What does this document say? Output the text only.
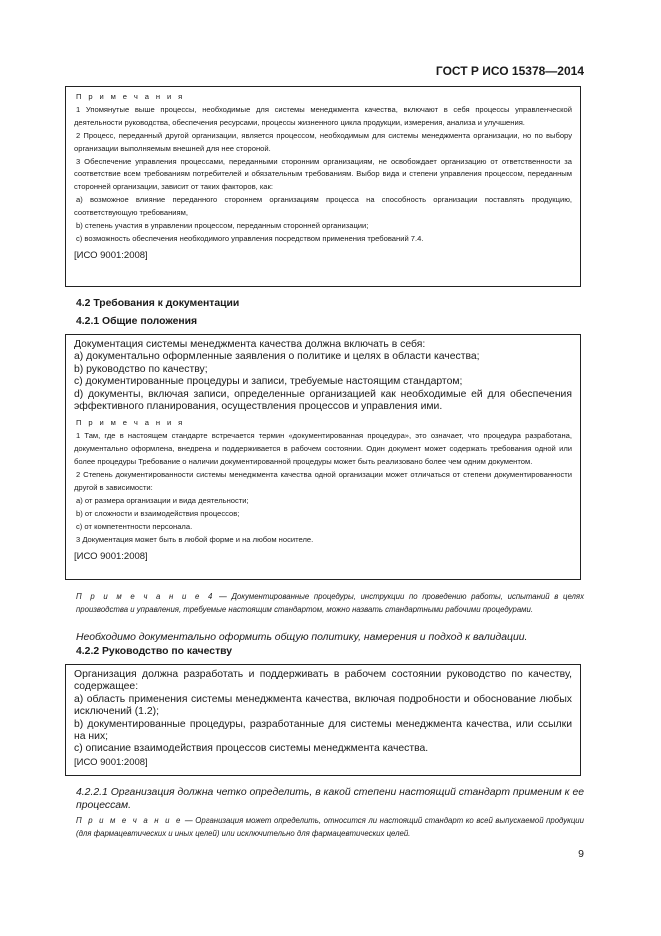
ГОСТ Р ИСО 15378—2014

П р и м е ч а н и я

1 Упомянутые выше процессы, необходимые для системы менеджмента качества, включают в себя процессы управленческой деятельности руководства, обеспечения ресурсами, процессы жизненного цикла продукции, измерения, анализа и улучшения.

2 Процесс, переданный другой организации, является процессом, необходимым для системы менеджмента организации, но по выбору организации выполняемым внешней для нее стороной.

3 Обеспечение управления процессами, переданными сторонним организациям, не освобождает организацию от ответственности за соответствие всем требованиям потребителей и обязательным требованиям. Выбор вида и степени управления процессом, переданным сторонней организации, зависит от таких факторов, как:

a) возможное влияние переданного стороннем организациям процесса на способность организации поставлять продукцию, соответствующую требованиям,

b) степень участия в управлении процессом, переданным сторонней организации;

c) возможность обеспечения необходимого управления посредством применения требований 7.4.

[ИСО 9001:2008]
4.2 Требования к документации
4.2.1 Общие положения

Документация системы менеджмента качества должна включать в себя:

a) документально оформленные заявления о политике и целях в области качества;

b) руководство по качеству;

c) документированные процедуры и записи, требуемые настоящим стандартом;

d) документы, включая записи, определенные организацией как необходимые ей для обеспечения эффективного планирования, осуществления процессов и управления ими.

П р и м е ч а н и я

1 Там, где в настоящем стандарте встречается термин «документированная процедура», это означает, что процедура разработана, документально оформлена, внедрена и поддерживается в рабочем состоянии. Один документ может содержать требования одной или более процедуры Требование о наличии документированной процедуры может быть реализовано более чем одним документом.

2 Степень документированности системы менеджмента качества одной организации может отличаться от степени документированности другой в зависимости:

a) от размера организации и вида деятельности;

b) от сложности и взаимодействия процессов;

c) от компетентности персонала.

3 Документация может быть в любой форме и на любом носителе.

[ИСО 9001:2008]
П р и м е ч а н и е 4 — Документированные процедуры, инструкции по проведению работы, испытаний в целях производства и управления, требуемые настоящим стандартом, можно назвать стандартными рабочими процедурами.
Необходимо документально оформить общую политику, намерения и подход к валидации.
4.2.2 Руководство по качеству

Организация должна разработать и поддерживать в рабочем состоянии руководство по качеству, содержащее:

a) область применения системы менеджмента качества, включая подробности и обоснование любых исключений (1.2);

b) документированные процедуры, разработанные для системы менеджмента качества, или ссылки на них;

c) описание взаимодействия процессов системы менеджмента качества.

[ИСО 9001:2008]
4.2.2.1 Организация должна четко определить, в какой степени настоящий стандарт применим к ее процессам.
П р и м е ч а н и е — Организация может определить, относится ли настоящий стандарт ко всей выпускаемой продукции (для фармацевтических и иных целей) или исключительно для фармацевтических целей.
9
